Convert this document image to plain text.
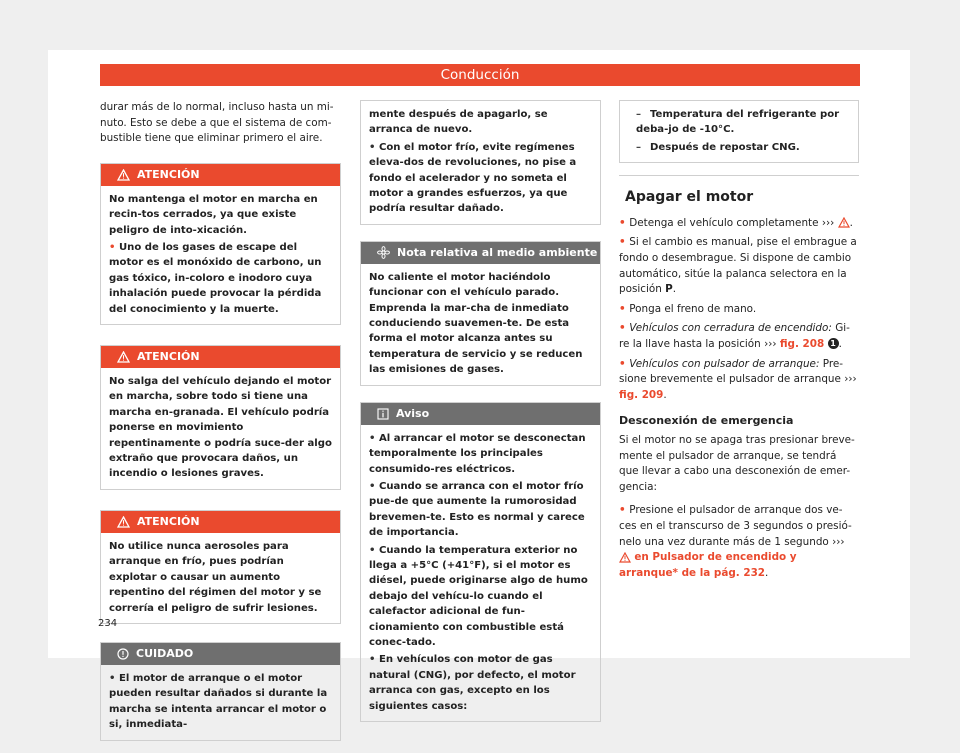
Conducción

durar más de lo normal, incluso hasta un mi-nuto. Esto se debe a que el sistema de com-bustible tiene que eliminar primero el aire.

ATENCIÓN

No mantenga el motor en marcha en recin-tos cerrados, ya que existe peligro de into-xicación.

• Uno de los gases de escape del motor es el monóxido de carbono, un gas tóxico, in-coloro e inodoro cuya inhalación puede provocar la pérdida del conocimiento y la muerte.

ATENCIÓN

No salga del vehículo dejando el motor en marcha, sobre todo si tiene una marcha en-granada. El vehículo podría ponerse en movimiento repentinamente o podría suce-der algo extraño que provocara daños, un incendio o lesiones graves.

ATENCIÓN

No utilice nunca aerosoles para arranque en frío, pues podrían explotar o causar un aumento repentino del régimen del motor y se correría el peligro de sufrir lesiones.

CUIDADO

• El motor de arranque o el motor pueden resultar dañados si durante la marcha se intenta arrancar el motor o si, inmediata-

mente después de apagarlo, se arranca de nuevo.

• Con el motor frío, evite regímenes eleva-dos de revoluciones, no pise a fondo el acelerador y no someta el motor a grandes esfuerzos, ya que podría resultar dañado.

Nota relativa al medio ambiente

No caliente el motor haciéndolo funcionar con el vehículo parado. Emprenda la mar-cha de inmediato conduciendo suavemen-te. De esta forma el motor alcanza antes su temperatura de servicio y se reducen las emisiones de gases.

Aviso

• Al arrancar el motor se desconectan temporalmente los principales consumido-res eléctricos.

• Cuando se arranca con el motor frío pue-de que aumente la rumorosidad brevemen-te. Esto es normal y carece de importancia.

• Cuando la temperatura exterior no llega a +5°C (+41°F), si el motor es diésel, puede originarse algo de humo debajo del vehícu-lo cuando el calefactor adicional de fun-cionamiento con combustible está conec-tado.

• En vehículos con motor de gas natural (CNG), por defecto, el motor arranca con gas, excepto en los siguientes casos:

– Temperatura del refrigerante por deba-jo de -10°C.

– Después de repostar CNG.

Apagar el motor

• Detenga el vehículo completamente ››› .

• Si el cambio es manual, pise el embrague a fondo o desembrague. Si dispone de cambio automático, sitúe la palanca selectora en la posición P.

• Ponga el freno de mano.

• Vehículos con cerradura de encendido: Gi-re la llave hasta la posición ››› fig. 208 1 .

• Vehículos con pulsador de arranque: Pre-sione brevemente el pulsador de arranque ››› fig. 209.

Desconexión de emergencia

Si el motor no se apaga tras presionar breve-mente el pulsador de arranque, se tendrá que llevar a cabo una desconexión de emer-gencia:

• Presione el pulsador de arranque dos ve-ces en el transcurso de 3 segundos o presió-nelo una vez durante más de 1 segundo ›››  en Pulsador de encendido y arranque* de la pág. 232.

234
